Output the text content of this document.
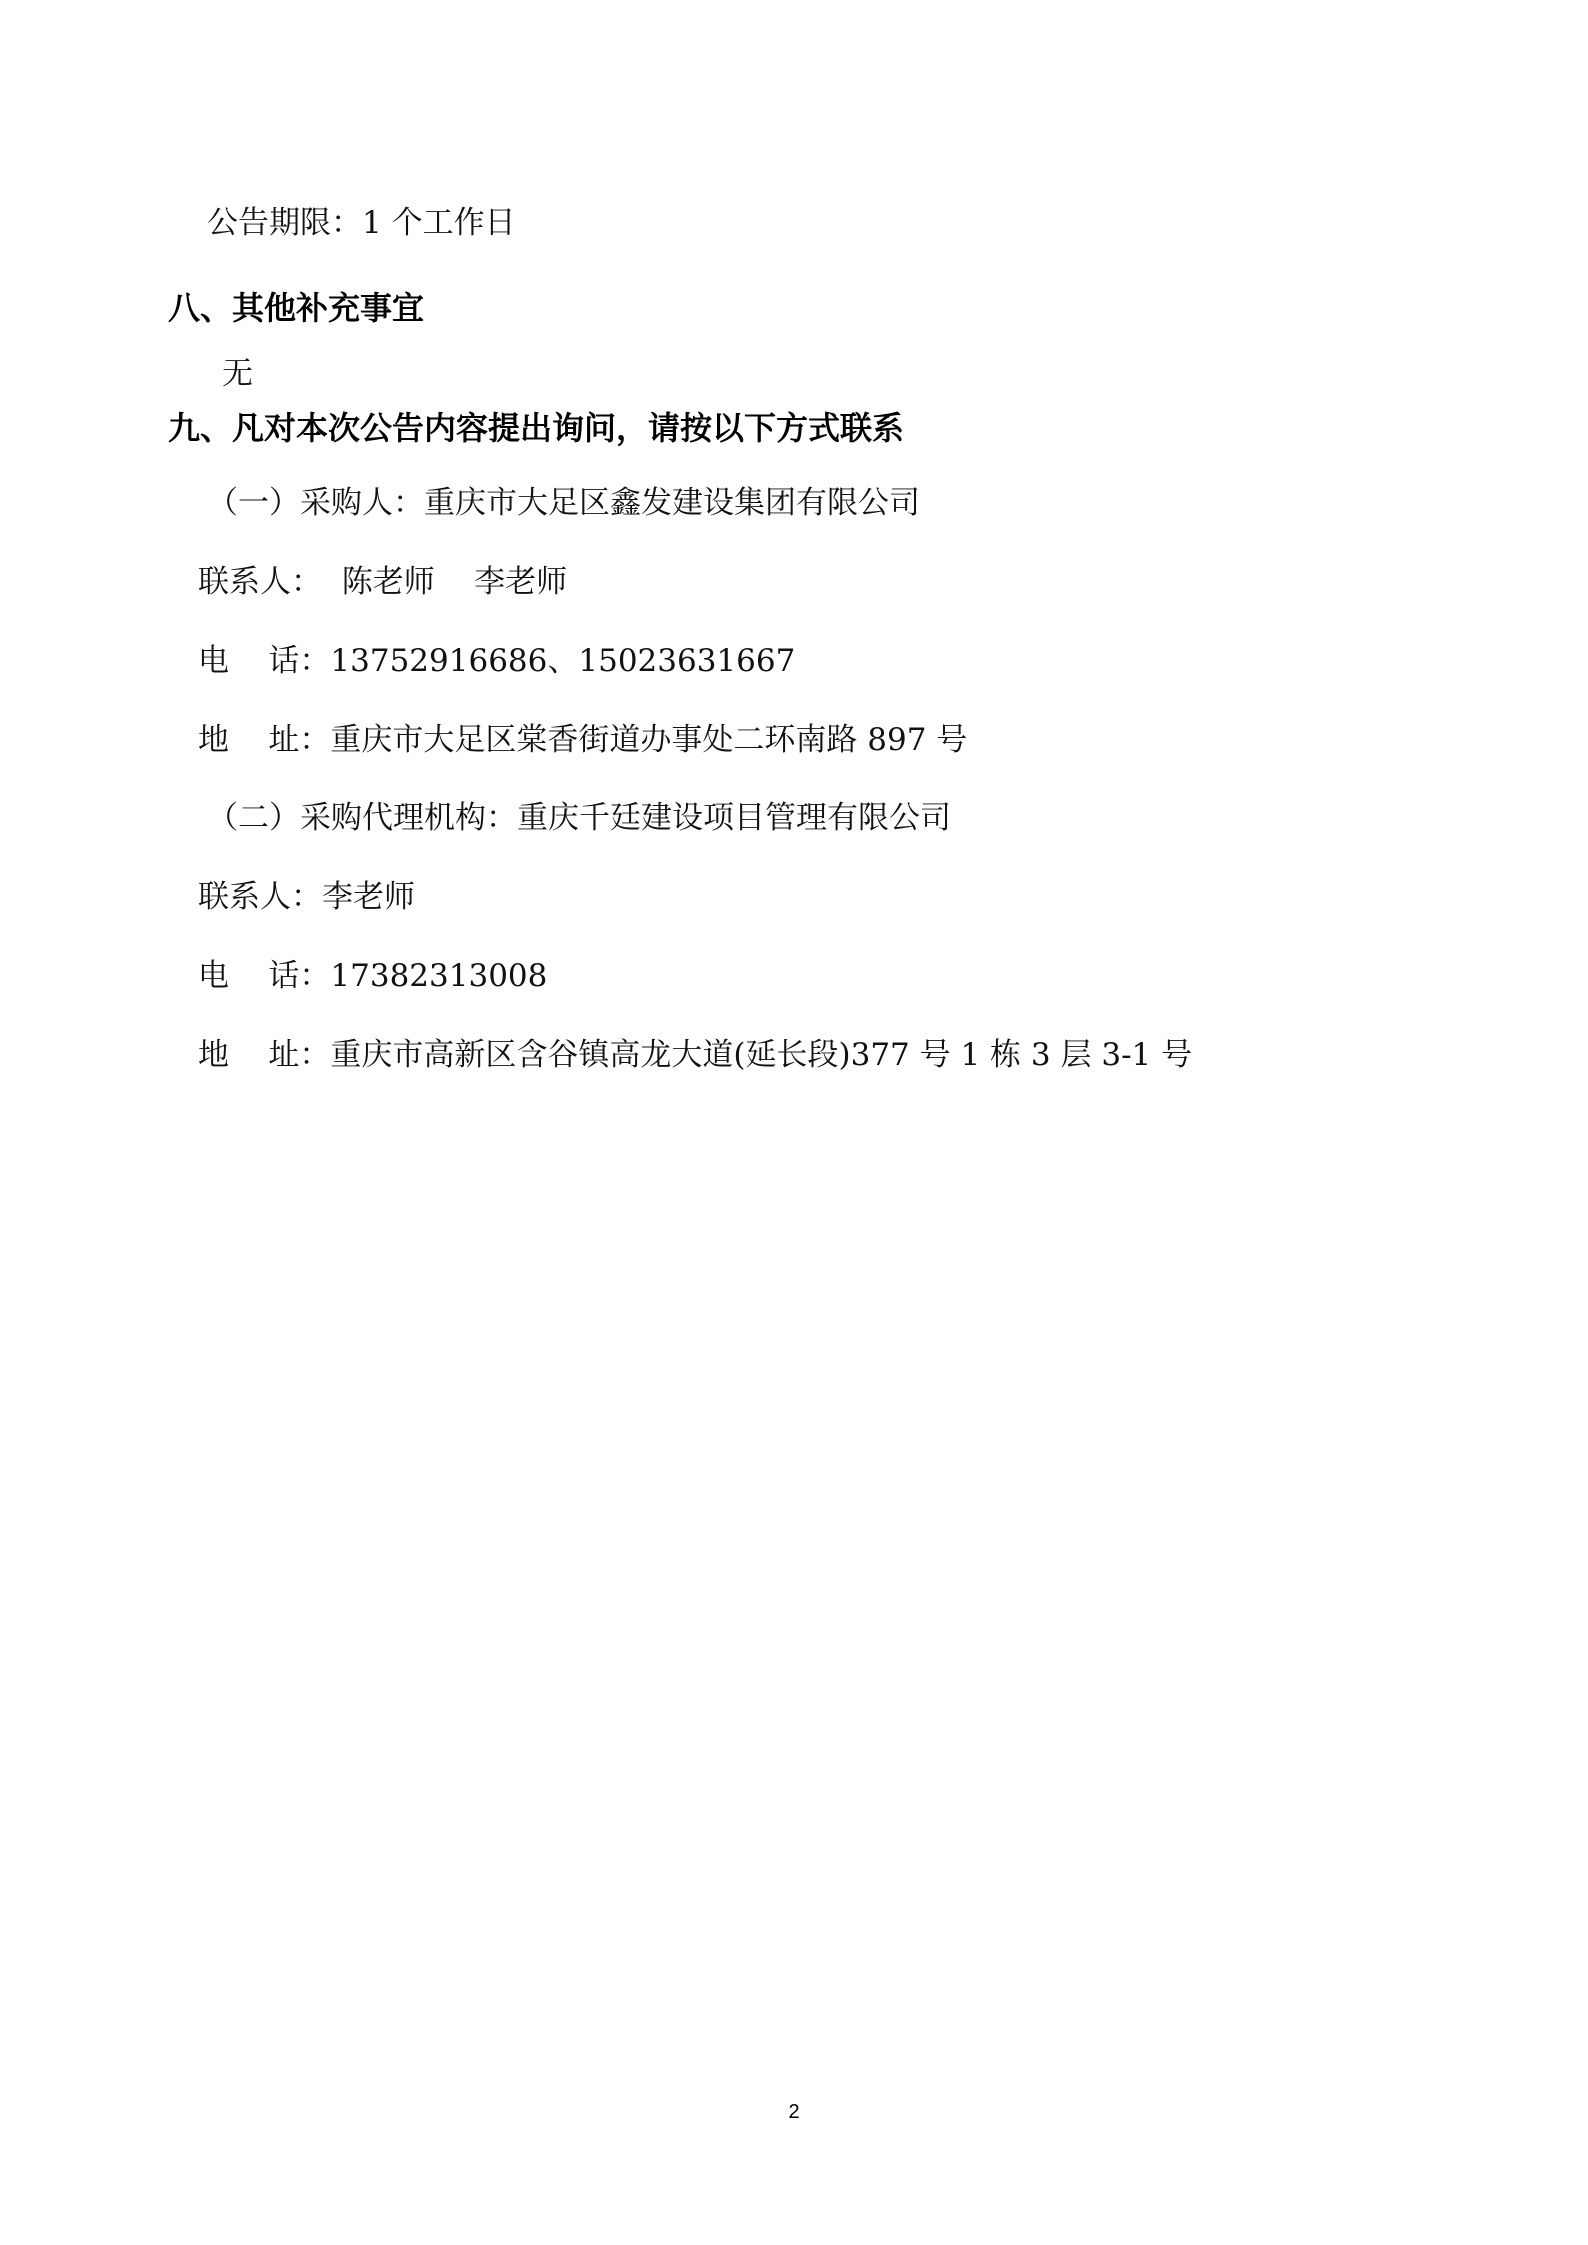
公告期限：1 个工作日
八、其他补充事宜
无
九、凡对本次公告内容提出询问，请按以下方式联系
（一）采购人：重庆市大足区鑫发建设集团有限公司
联系人：  陈老师    李老师
电    话：13752916686、15023631667
地    址：重庆市大足区棠香街道办事处二环南路 897 号
（二）采购代理机构：重庆千廷建设项目管理有限公司
联系人：李老师
电    话：17382313008
地    址：重庆市高新区含谷镇高龙大道(延长段)377 号 1 栋 3 层 3-1 号
2
